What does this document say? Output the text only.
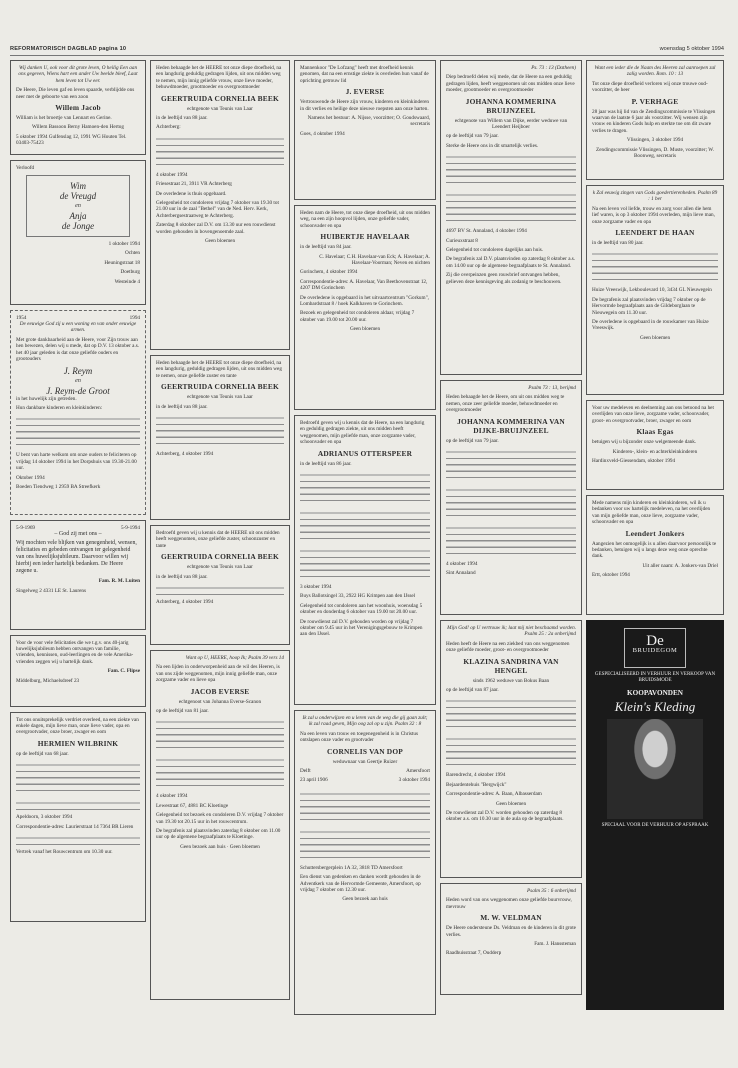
REFORMATORISCH DAGBLAD pagina 10	woensdag 5 oktober 1994

Wij danken U, ook voor dit grote leven, O heilig Een aan ons gegeven, Wiens hart een ander Uw beelde bleef, Laat hem leven tot Uw eer.

De Heere, Die leven gaf en leven spaarde, verblijdde ons neer met de geboorte van een zoon

Willem Jacob

William is het broertje van Lennart en Gerine.

Willem Bassoon Berny Hamoen-den Hertog

5 oktober 1994 Gulfenslag 12, 1991 WG Houten Tel. 03403-75423

Verloofd

Wim
de Vreugd
en
Anja
de Jonge

1 oktober 1994

Ochten

Heuningstraat 18

Doetburg

Westeinde 4

1954	1994

De eeuwige God zij u een woning en van onder eeuwige armen.

Met grote dankbaarheid aan de Heere, voor Zijn trouw aan hen bewezen, delen wij u mede, dat op D.V. 13 oktober a.s. het 40 jaar geleden is dat onze geliefde ouders en grootouders

J. Reym
en
J. Reym-de Groot

in het huwelijk zijn getreden.

Hun dankbare kinderen en kleinkinderen:

U bent van harte welkom om onze ouders te feliciteren op vrijdag 14 oktober 1994 in het Dorpshuis van 19.30-21.00 uur.

Oktober 1994

Boeden Tiendweg 1 2959 BA Streefkerk

5-9-1969	5-9-1994

– God zij met ons –

Wij mochten vele blijken van genegenheid, wensen, felicitaties en gebeden ontvangen ter gelegenheid van ons huwelijksjubileum. Daarvoor willen wij hierbij een ieder hartelijk bedanken. De Heere zegene u.

Fam. R. M. Luiten

Singelweg 2 4331 LE St. Laurens

Voor de voor vele felicitaties die we t.g.v. ons 40-jarig huwelijksjubileum hebben ontvangen van familie, vrienden, kennissen, oud-leerlingen en de vele Amerika-vrienden zeggen wij u hartelijk dank.

Fam. C. Flipse

Middelburg, Michaelsdreef 23

Tot ons onuitsprekelijk verdriet overleed, na een ziekte van enkele dagen, mijn lieve man, onze lieve vader, opa en overgrootvader, onze broer, zwager en oom

HERMIEN WILBRINK

op de leeftijd van 68 jaar.

Apeldoorn, 3 oktober 1994

Correspondentie-adres: Laurierstraat 14 7364 BR Lieren

Vertrek vanaf het Rouwcentrum om 10.30 uur.

Heden behaagde het de HEERE tot onze diepe droefheid, na een langdurig geduldig gedragen lijden, uit ons midden weg te nemen, mijn innig geliefde vrouw, onze lieve moeder, behuwdmoeder, grootmoeder en overgrootmoeder

GEERTRUIDA CORNELIA BEEK

echtgenote van Teunis van Laar

in de leeftijd van 88 jaar.

Achterberg:

4 oktober 1994

Friesestraat 21, 3911 VR Achterberg

De overledene is thuis opgebaard.

Gelegenheid tot condoleren vrijdag 7 oktober van 19.30 tot 21.00 uur in de zaal "Bethel" van de Ned. Herv. Kerk, Achterbergsestraatweg te Achterberg.

Zaterdag 8 oktober zal D.V. om 13.30 uur een rouwdienst worden gehouden in bovengenoemde zaal.

Geen bloemen

Heden behaagde het de HEERE tot onze diepe droefheid, na een langdurig, geduldig gedragen lijden, uit ons midden weg te nemen, onze geliefde zuster en tante

GEERTRUIDA CORNELIA BEEK

echtgenote van Teunis van Laar

in de leeftijd van 88 jaar.

Achterberg, 4 oktober 1994

Bedroefd geven wij u kennis dat de HEERE uit ons midden heeft weggenomen, onze geliefde zuster, schoonzuster en tante

GEERTRUIDA CORNELIA BEEK

echtgenote van Teunis van Laar

in de leeftijd van 88 jaar.

Achterberg, 4 oktober 1994

Want op U, HEERE, hoop Ik; Psalm 39 vers 14

Na een lijden in onderworpenheid aan de wil des Heeren, is van ons zijde weggenomen, mijn innig geliefde man, onze zorgzame vader en lieve opa

JACOB EVERSE

echtgenoot van Johanna Everse-Scanon

op de leeftijd van 81 jaar.

4 oktober 1994

Lewestraat 67, 4881 BC Kloetinge

Gelegenheid tot bezoek en condoleren D.V. vrijdag 7 oktober van 19.30 tot 20.15 uur in het rouwcentrum.

De begrafenis zal plaatsvinden zaterdag 8 oktober om 11.00 uur op de algemene begraafplaats te Kloetinge.

Geen bezoek aan huis · Geen bloemen

Mannenkoor "De Lofzang" heeft met droefheid kennis genomen, dat na een ernstige ziekte is overleden hun vanaf de oprichting getrouw lid

J. EVERSE

Vertrouwende de Heere zijn vrouw, kinderen en kleinkinderen in dit verlies en heilige deze nieuwe roepsten aan onze harten.

Namens het bestuur: A. Nijsse, voorzitter; O. Goudswaard, secretaris

Goes, 4 oktober 1994

Heden nam de Heere, tot onze diepe droefheid, uit ons midden weg, na een zijn hoopvol lijden, onze geliefde vader, schoonvader en opa

HUIBERTJE HAVELAAR

in de leeftijd van 84 jaar.

C. Havelaar; C.H. Havelaar-van Eck; A. Havelaar; A. Havelaar-Voorman; Neven en nichten

Gorinchem, 4 oktober 1994

Correspondentie-adres: A. Havelaar, Van Beethovenstraat 12, 4207 DM Gorinchem

De overledene is opgebaard in het uitvaartcentrum "Gorkum", Lombardstraat 8 / hoek Kalkhaven te Gorinchem.

Bezoek en gelegenheid tot condoleren aldaar, vrijdag 7 oktober van 19.00 tot 20.00 uur.

Geen bloemen

Bedroefd geven wij u kennis dat de Heere, na een langdurig en geduldig gedragen ziekte, uit ons midden heeft weggenomen, mijn geliefde man, onze zorgzame vader, schoonvader en opa

ADRIANUS OTTERSPEER

in de leeftijd van 86 jaar.

3 oktober 1994

Buys Ballotsingel 33, 2922 HG Krimpen aan den IJssel

Gelegenheid tot condoleren aan het woonhuis, woensdag 5 oktober en donderdag 6 oktober van 19.00 tot 20.00 uur.

De rouwdienst zal D.V. gehouden worden op vrijdag 7 oktober om 9.45 uur in het Verenigingsgebouw te Krimpen aan den IJssel.

Ik zal u onderwijzen en u leren van de weg die gij gaan zult; ik zal raad geven, Mijn oog zal op u zijn. Psalm 32 : 8

Na een leven van trouw en toegenegenheid is in Christus ontslapen onze vader en grootvader

CORNELIS VAN DOP

weduwnaar van Geertje Ruizer

Delft

23 april 1906

Amersfoort

3 oktober 1994

Schuttersbergerplein 1A 32, 3818 TD Amersfoort

Een dienst van gedenken en danken wordt gehouden in de Adventkerk van de Hervormde Gemeente, Amersfoort, op vrijdag 7 oktober om 12.30 uur.

Geen bezoek aan huis

Ps. 73 : 13 (Datheen)

Diep bedroefd delen wij mede, dat de Heere na een geduldig gedragen lijden, heeft weggenomen uit ons midden onze lieve moeder, grootmoeder en overgrootmoeder

JOHANNA KOMMERINA BRUIJNZEEL

echtgenote van Willem van Dijke, eerder weduwe van Leendert Heijboer

op de leeftijd van 79 jaar.

Sterke de Heere ons in dit smartelijk verlies.

4697 BV St. Annaland, 4 oktober 1994

Curieuxstraat 8

Gelegenheid tot condoleren dagelijks aan huis.

De begrafenis zal D.V. plaatsvinden op zaterdag 8 oktober a.s. om 14.00 uur op de algemene begraafplaats te St. Annaland.

Zij die overpeinzen geen rouwbrief ontvangen hebben, gelieven deze kennisgeving als zodanig te beschouwen.

Psalm 73 : 13, berijmd

Heden behaagde het de Heere, om uit ons midden weg te nemen, onze zeer geliefde moeder, behuwdmoeder en overgrootmoeder

JOHANNA KOMMERINA VAN DIJKE-BRUIJNZEEL

op de leeftijd van 79 jaar.

4 oktober 1994

Sint Annaland

Mijn God! op U vertrouw ik; laat mij niet beschaamd worden. Psalm 25 : 2a onberijmd

Heden heeft de Heere na een ziekbed van ons weggenomen onze geliefde moeder, groot- en overgrootmoeder

KLAZINA SANDRINA VAN HENGEL

sinds 1962 weduwe van Bokus Baan

op de leeftijd van 87 jaar.

Barendrecht, 4 oktober 1994

Bejaardentehuis "Bergwijck"

Correspondentie-adres: A. Baan, Albasserdam

Geen bloemen

De rouwdienst zal D.V. worden gehouden op zaterdag 8 oktober a.s. om 10.30 uur in de aula op de begraafplaats.

Psalm 35 : 6 onberijmd

Heden word van ons weggenomen onze geliefde buurvrouw, mevrouw

M. W. VELDMAN

De Heere ondersteune Ds. Veldman en de kinderen in dit grote verlies.

Fam. J. Hanssteman

Raadhuisstraat 7, Oudderp

Want een ieder die de Naam des Heeren zal aanroepen zal zalig worden. Rom. 10 : 13

Tot onze diepe droefheid verloren wij onze trouwe oud-voorzitter, de heer

P. VERHAGE

28 jaar was hij lid van de Zendingscommissie te Vlissingen waarvan de laatste 6 jaar als voorzitter. Wij wensen zijn vrouw en kinderen Gods hulp en sterkte toe om dit zware verlies te dragen.

Vlissingen, 3 oktober 1994

Zendingscommissie Vlissingen, D. Muste, voorzitter; W. Boonweg, secretaris

k Zal eeuwig zingen van Gods goedertierenheden. Psalm 89 : 1 ber

Na een leven vol liefde, trouw en zorg voor allen die hem lief waren, is op 3 oktober 1994 overleden, mijn lieve man, onze zorgzame vader en opa

LEENDERT DE HAAN

in de leeftijd van 80 jaar.

Huize Vreeswijk, Lekboulevard 10, 3434 GL Nieuwegein

De begrafenis zal plaatsvinden vrijdag 7 oktober op de Hervormde begraafplaats aan de Gildeborglaan te Nieuwegein om 11.30 uur.

De overledene is opgebaard in de rouwkamer van Huize Vreeswijk.

Geen bloemen

Voor uw medeleven en deelneming aan ons betoond na het overlijden van onze lieve, zorgzame vader, schoonvader, groot- en overgrootvader, broer, zwager en oom

Klaas Egas

betuigen wij u bijzonder onze welgemeende dank.

Kinderen-, klein- en achterkleinkinderen

Hardinxveld-Giessendam, oktober 1994

Mede namens mijn kinderen en kleinkinderen, wil ik u bedanken voor uw hartelijk medeleven, na het overlijden van mijn geliefde man, onze lieve, zorgzame vader, schoonvader en opa

Leendert Jonkers

Aangezien het onmogelijk is u allen daarvoor persoonlijk te bedanken, betuigen wij u langs deze weg onze oprechte dank.

Uit aller naam: A. Jonkers-van Driel

Ertt, oktober 1994

De
BRUIDEGOM

GESPECIALISEERD IN VERHUUR EN VERKOOP VAN BRUIDSMODE

KOOPAVONDEN
Klein's Kleding

SPECIAAL VOOR DE VERHUUR OP AFSPRAAK
